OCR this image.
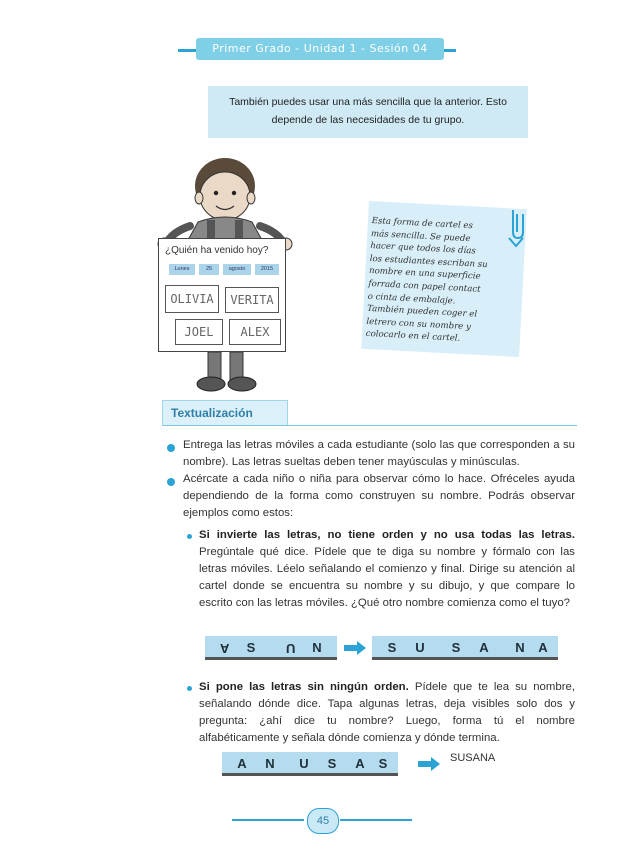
Primer Grado - Unidad 1 - Sesión 04
También puedes usar una más sencilla que la anterior. Esto
depende de las necesidades de tu grupo.
¿Quién ha venido hoy?
Lunes	25	agosto	2015
OLIVIA	VERITA
JOEL	ALEX
Esta forma de cartel es
más sencilla. Se puede
hacer que todos los días
los estudiantes escriban su
nombre en una superficie
forrada con papel contact
o cinta de embalaje.
También pueden coger el
letrero con su nombre y
colocarlo en el cartel.
Textualización
Entrega las letras móviles a cada estudiante (solo las que corresponden a su nombre). Las letras sueltas deben tener mayúsculas y minúsculas.
Acércate a cada niño o niña para observar cómo lo hace. Ofréceles ayuda dependiendo de la forma como construyen su nombre. Podrás observar ejemplos como estos:
Si invierte las letras, no tiene orden y no usa todas las letras. Pregúntale qué dice. Pídele que te diga su nombre y fórmalo con las letras móviles. Léelo señalando el comienzo y final. Dirige su atención al cartel donde se encuentra su nombre y su dibujo, y que compare lo escrito con las letras móviles. ¿Qué otro nombre comienza como el tuyo?
A	S	U	N	S	U	S	A	N	A
Si pone las letras sin ningún orden. Pídele que te lea su nombre, señalando dónde dice. Tapa algunas letras, deja visibles solo dos y pregunta: ¿ahí dice tu nombre? Luego, forma tú el nombre alfabéticamente y señala dónde comienza y dónde termina.
A	N	U	S	A	S	SUSANA
45
